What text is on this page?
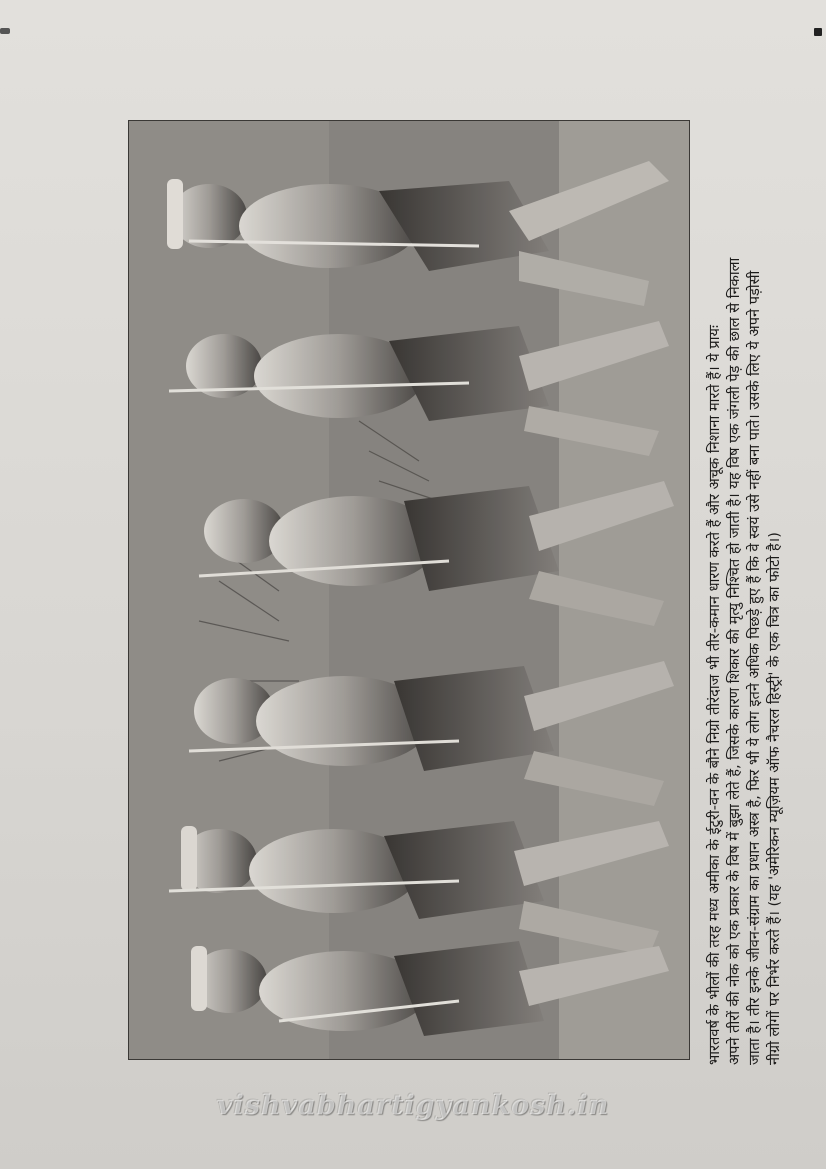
भारतवर्ष के भीलों की तरह मध्य अमीका के ईटुरी-वन के बौने निग्रो तीरंदाज भी तीर-कमान धारण करते हैं और अचूक निशाना मारते हैं। ये प्रायः अपने तीरों की नोक को एक प्रकार के विष में बुझा लेते हैं, जिसके कारण शिकार की मृत्यु निश्चित हो जाती है। यह विष एक जंगली पेड़ की छाल से निकाला जाता है। तीर इनके जीवन-संग्राम का प्रधान अस्त्र है, फिर भी ये लोग इतने अधिक पिछड़े हुए हैं कि वे स्वयं उसे नहीं बना पाते। उसके लिए ये अपने पड़ोसी नीग्रो लोगों पर निर्भर करते हैं। (यह 'अमेरिकन म्यूज़ियम ऑफ नैचरल हिस्ट्री' के एक चित्र का फोटो है।)
vishvabhartigyankosh.in
